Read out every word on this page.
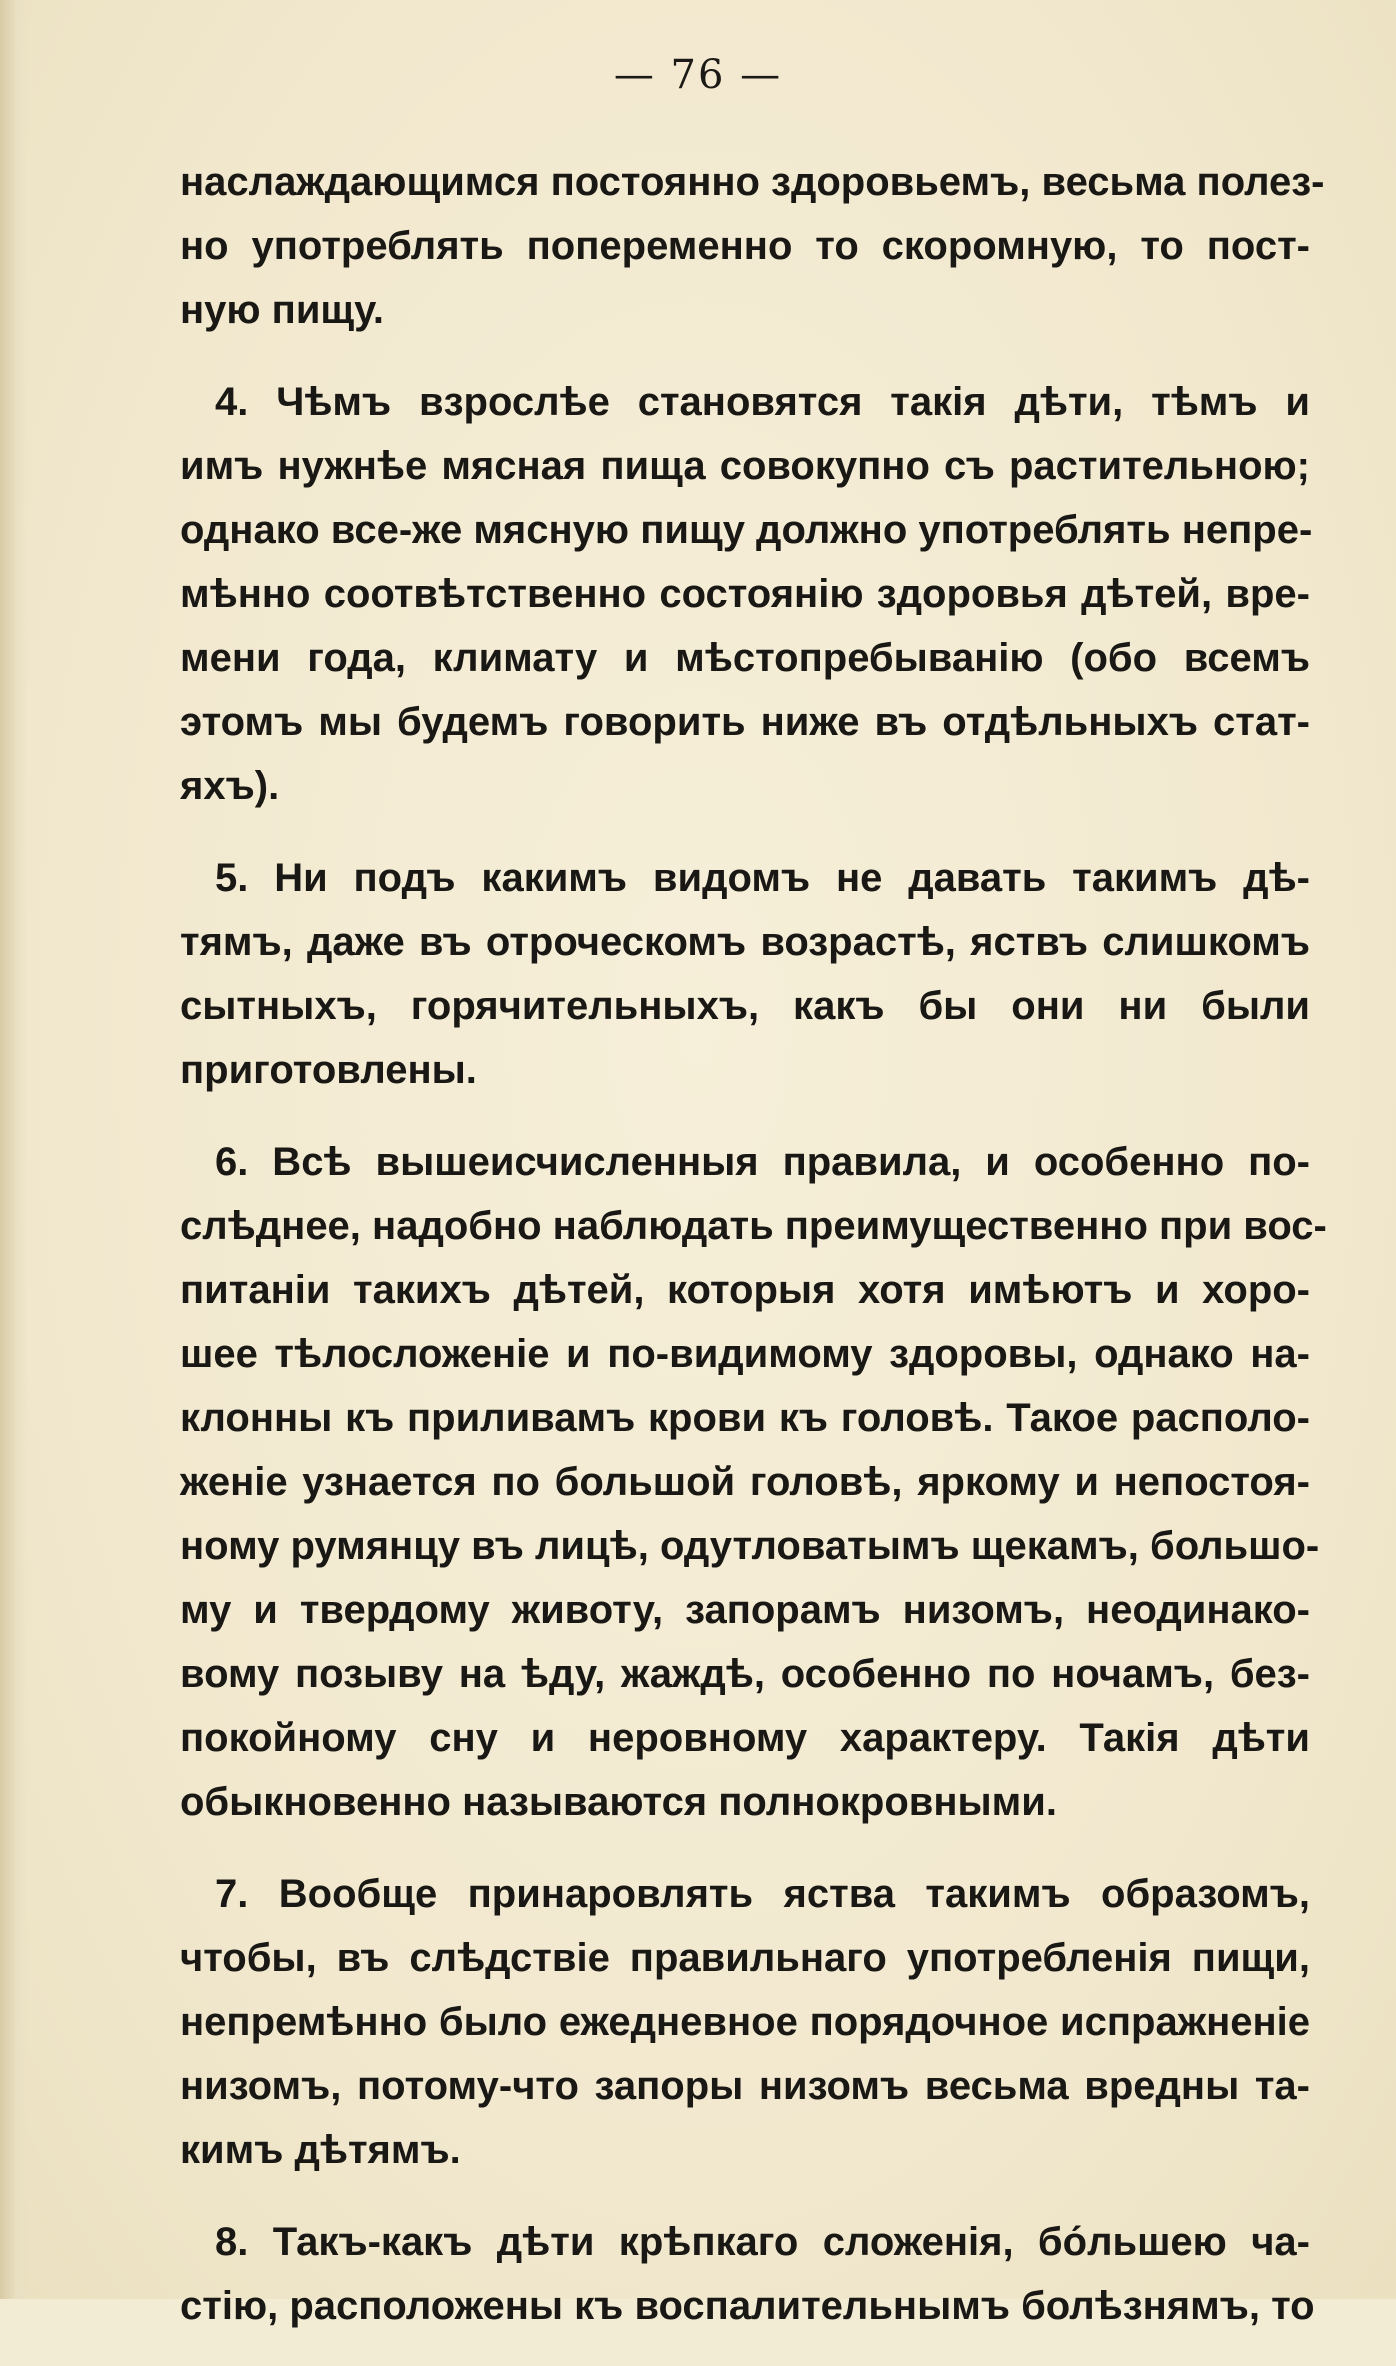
— 76 —
наслаждающимся постоянно здоровьемъ, весьма полез-
но употреблять попеременно то скоромную, то пост-
ную пищу.
4. Чѣмъ взрослѣе становятся такія дѣти, тѣмъ и
имъ нужнѣе мясная пища совокупно съ растительною;
однако все-же мясную пищу должно употреблять непре-
мѣнно соотвѣтственно состоянію здоровья дѣтей, вре-
мени года, климату и мѣстопребыванію (обо всемъ
этомъ мы будемъ говорить ниже въ отдѣльныхъ стат-
яхъ).
5. Ни подъ какимъ видомъ не давать такимъ дѣ-
тямъ, даже въ отроческомъ возрастѣ, яствъ слишкомъ
сытныхъ, горячительныхъ, какъ бы они ни были
приготовлены.
6. Всѣ вышеисчисленныя правила, и особенно по-
слѣднее, надобно наблюдать преимущественно при вос-
питаніи такихъ дѣтей, которыя хотя имѣютъ и хоро-
шее тѣлосложеніе и по-видимому здоровы, однако на-
клонны къ приливамъ крови къ головѣ. Такое располо-
женіе узнается по большой головѣ, яркому и непостоя-
ному румянцу въ лицѣ, одутловатымъ щекамъ, большо-
му и твердому животу, запорамъ низомъ, неодинако-
вому позыву на ѣду, жаждѣ, особенно по ночамъ, без-
покойному сну и неровному характеру. Такія дѣти
обыкновенно называются полнокровными.
7. Вообще принаровлять яства такимъ образомъ,
чтобы, въ слѣдствіе правильнаго употребленія пищи,
непремѣнно было ежедневное порядочное испражненіе
низомъ, потому-что запоры низомъ весьма вредны та-
кимъ дѣтямъ.
8. Такъ-какъ дѣти крѣпкаго сложенія, бо́льшею ча-
стію, расположены къ воспалительнымъ болѣзнямъ, то
